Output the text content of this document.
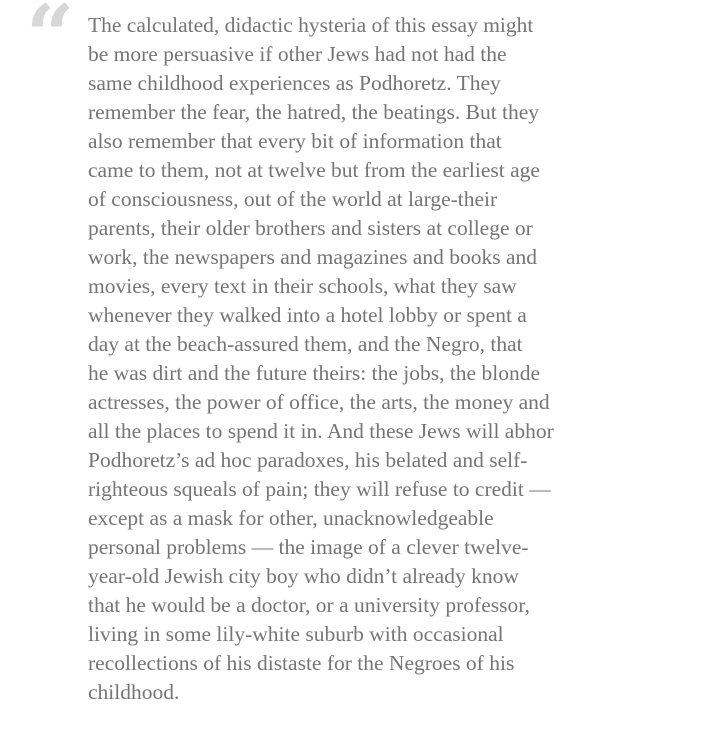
“ The calculated, didactic hysteria of this essay might

be more persuasive if other Jews had not had the

same childhood experiences as Podhoretz. They

remember the fear, the hatred, the beatings. But they

also remember that every bit of information that

came to them, not at twelve but from the earliest age

of consciousness, out of the world at large-their

parents, their older brothers and sisters at college or

work, the newspapers and magazines and books and

movies, every text in their schools, what they saw

whenever they walked into a hotel lobby or spent a

day at the beach-assured them, and the Negro, that

he was dirt and the future theirs: the jobs, the blonde

actresses, the power of office, the arts, the money and

all the places to spend it in. And these Jews will abhor

Podhoretz’s ad hoc paradoxes, his belated and self-

righteous squeals of pain; they will refuse to credit —

except as a mask for other, unacknowledgeable

personal problems — the image of a clever twelve-

year-old Jewish city boy who didn’t already know

that he would be a doctor, or a university professor,

living in some lily-white suburb with occasional

recollections of his distaste for the Negroes of his

childhood.
